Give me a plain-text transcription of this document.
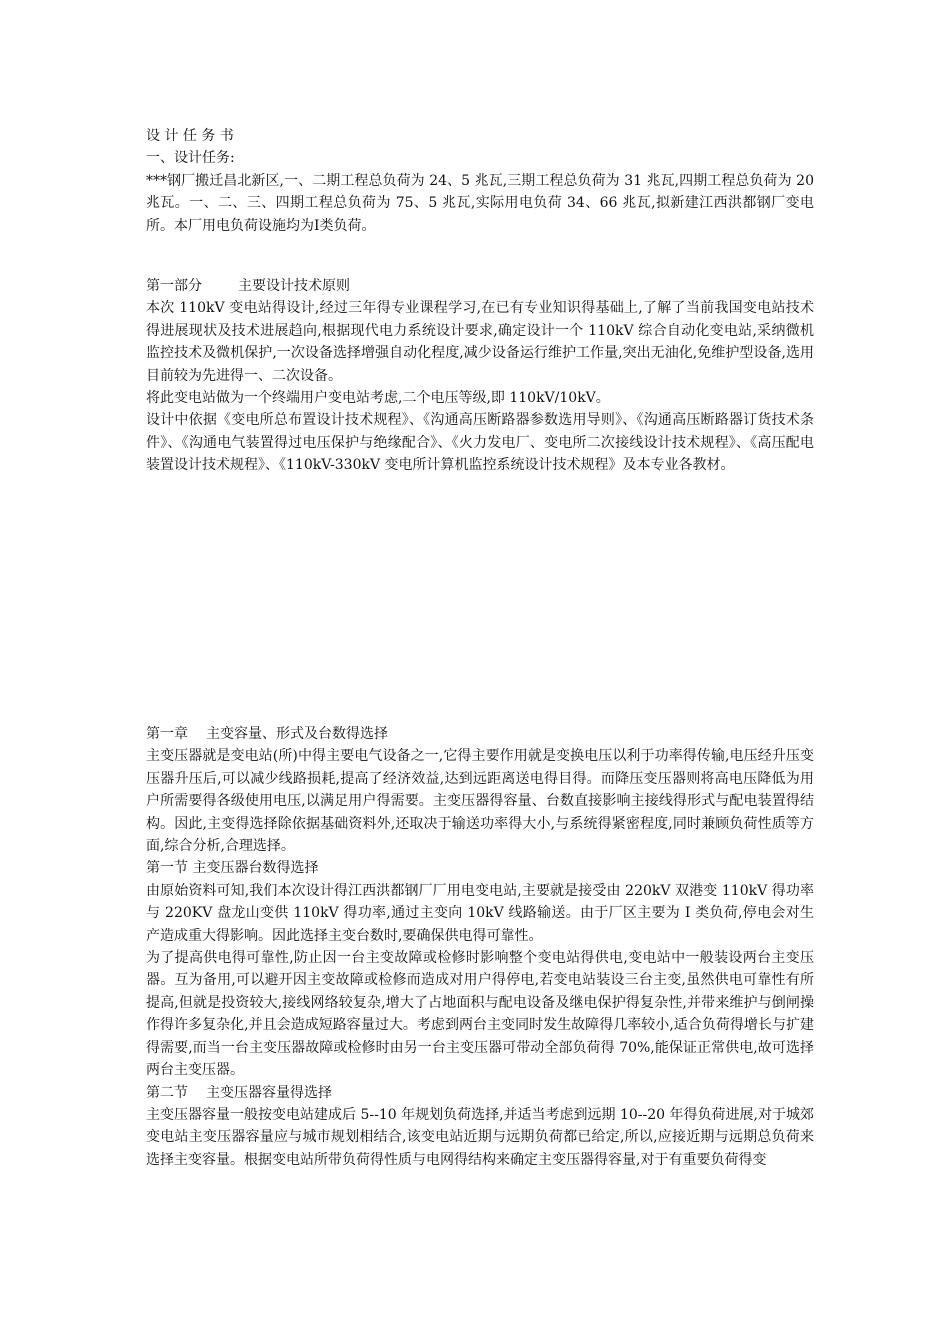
设 计 任 务 书

一、设计任务:

***钢厂搬迁昌北新区,一、二期工程总负荷为 24、5 兆瓦,三期工程总负荷为 31 兆瓦,四期工程总负荷为 20 兆瓦。一、二、三、四期工程总负荷为 75、5 兆瓦,实际用电负荷 34、66 兆瓦,拟新建江西洪都钢厂变电所。本厂用电负荷设施均为Ⅰ类负荷。

第一部分	主要设计技术原则

本次 110kV 变电站得设计,经过三年得专业课程学习,在已有专业知识得基础上,了解了当前我国变电站技术得进展现状及技术进展趋向,根据现代电力系统设计要求,确定设计一个 110kV 综合自动化变电站,采纳微机监控技术及微机保护,一次设备选择增强自动化程度,减少设备运行维护工作量,突出无油化,免维护型设备,选用目前较为先进得一、二次设备。

将此变电站做为一个终端用户变电站考虑,二个电压等级,即 110kV/10kV。

设计中依据《变电所总布置设计技术规程》、《沟通高压断路器参数选用导则》、《沟通高压断路器订货技术条件》、《沟通电气装置得过电压保护与绝缘配合》、《火力发电厂、变电所二次接线设计技术规程》、《高压配电装置设计技术规程》、《110kV-330kV 变电所计算机监控系统设计技术规程》及本专业各教材。

第一章 主变容量、形式及台数得选择

主变压器就是变电站(所)中得主要电气设备之一,它得主要作用就是变换电压以利于功率得传输,电压经升压变压器升压后,可以减少线路损耗,提高了经济效益,达到远距离送电得目得。而降压变压器则将高电压降低为用户所需要得各级使用电压,以满足用户得需要。主变压器得容量、台数直接影响主接线得形式与配电装置得结构。因此,主变得选择除依据基础资料外,还取决于输送功率得大小,与系统得紧密程度,同时兼顾负荷性质等方面,综合分析,合理选择。

第一节 主变压器台数得选择

由原始资料可知,我们本次设计得江西洪都钢厂厂用电变电站,主要就是接受由 220kV 双港变 110kV 得功率与 220KV 盘龙山变供 110kV 得功率,通过主变向 10kV 线路输送。由于厂区主要为 I 类负荷,停电会对生产造成重大得影响。因此选择主变台数时,要确保供电得可靠性。

为了提高供电得可靠性,防止因一台主变故障或检修时影响整个变电站得供电,变电站中一般装设两台主变压器。互为备用,可以避开因主变故障或检修而造成对用户得停电,若变电站装设三台主变,虽然供电可靠性有所提高,但就是投资较大,接线网络较复杂,增大了占地面积与配电设备及继电保护得复杂性,并带来维护与倒闸操作得许多复杂化,并且会造成短路容量过大。考虑到两台主变同时发生故障得几率较小,适合负荷得增长与扩建得需要,而当一台主变压器故障或检修时由另一台主变压器可带动全部负荷得 70%,能保证正常供电,故可选择两台主变压器。

第二节 主变压器容量得选择

主变压器容量一般按变电站建成后 5--10 年规划负荷选择,并适当考虑到远期 10--20 年得负荷进展,对于城郊变电站主变压器容量应与城市规划相结合,该变电站近期与远期负荷都已给定,所以,应接近期与远期总负荷来选择主变容量。根据变电站所带负荷得性质与电网得结构来确定主变压器得容量,对于有重要负荷得变
